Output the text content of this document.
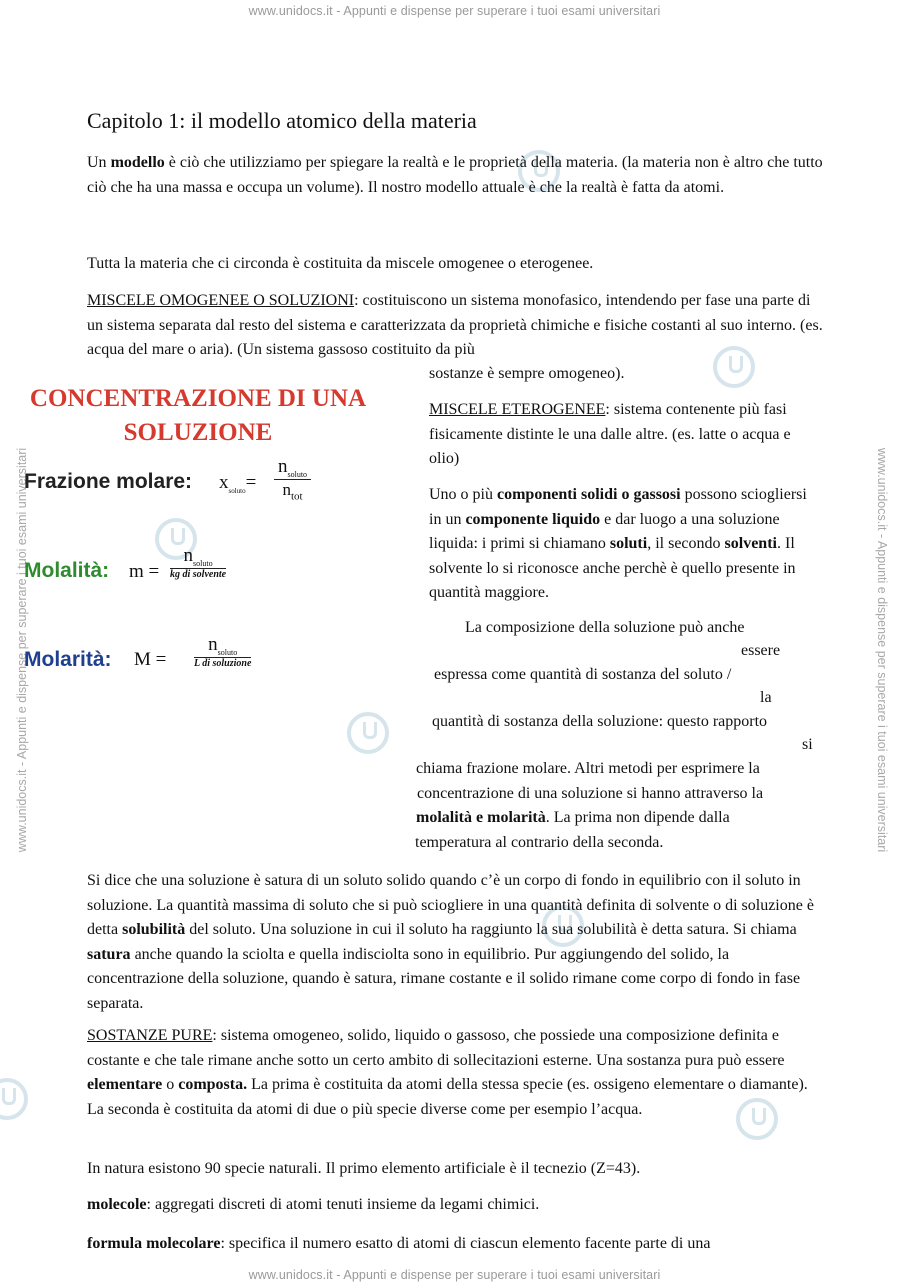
www.unidocs.it - Appunti e dispense per superare i tuoi esami universitari
www.unidocs.it - Appunti e dispense per superare i tuoi esami universitari	www.unidocs.it - Appunti e dispense per superare i tuoi esami universitari
Capitolo 1: il modello atomico della materia

Un modello è ciò che utilizziamo per spiegare la realtà e le proprietà della materia. (la materia non è altro che tutto ciò che ha una massa e occupa un volume). Il nostro modello attuale è che la realtà è fatta da atomi.

Tutta la materia che ci circonda è costituita da miscele omogenee o eterogenee.

MISCELE OMOGENEE O SOLUZIONI: costituiscono un sistema monofasico, intendendo per fase una parte di un sistema separata dal resto del sistema e caratterizzata da proprietà chimiche e fisiche costanti al suo interno. (es. acqua del mare o aria). (Un sistema gassoso costituito da più

sostanze è sempre omogeneo).

CONCENTRAZIONE DI UNA
SOLUZIONE
Frazione molare: $x_{soluto}=$
$n_{soluto}$
$n_{tot}$
Molalità: m =
$n_{soluto}$
kg di solvente
Molarità: M =
$n_{soluto}$
L di soluzione

MISCELE ETEROGENEE: sistema contenente più fasi fisicamente distinte le una dalle altre. (es. latte o acqua e olio)

Uno o più componenti solidi o gassosi possono sciogliersi in un componente liquido e dar luogo a una soluzione liquida: i primi si chiamano soluti, il secondo solventi. Il solvente lo si riconosce anche perchè è quello presente in quantità maggiore.

La composizione della soluzione può anche

essere

espressa come quantità di sostanza del soluto /

la

quantità di sostanza della soluzione: questo rapporto

si

chiama frazione molare. Altri metodi per esprimere la

concentrazione di una soluzione si hanno attraverso la

molalità e molarità. La prima non dipende dalla

temperatura al contrario della seconda.

Si dice che una soluzione è satura di un soluto solido quando c’è un corpo di fondo in equilibrio con il soluto in soluzione. La quantità massima di soluto che si può sciogliere in una quantità definita di solvente o di soluzione è detta solubilità del soluto. Una soluzione in cui il soluto ha raggiunto la sua solubilità è detta satura. Si chiama satura anche quando la sciolta e quella indisciolta sono in equilibrio. Pur aggiungendo del solido, la concentrazione della soluzione, quando è satura, rimane costante e il solido rimane come corpo di fondo in fase separata.

SOSTANZE PURE: sistema omogeneo, solido, liquido o gassoso, che possiede una composizione definita e costante e che tale rimane anche sotto un certo ambito di sollecitazioni esterne. Una sostanza pura può essere elementare o composta. La prima è costituita da atomi della stessa specie (es. ossigeno elementare o diamante). La seconda è costituita da atomi di due o più specie diverse come per esempio l’acqua.

In natura esistono 90 specie naturali. Il primo elemento artificiale è il tecnezio (Z=43).

molecole: aggregati discreti di atomi tenuti insieme da legami chimici.

formula molecolare: specifica il numero esatto di atomi di ciascun elemento facente parte di una

www.unidocs.it - Appunti e dispense per superare i tuoi esami universitari
